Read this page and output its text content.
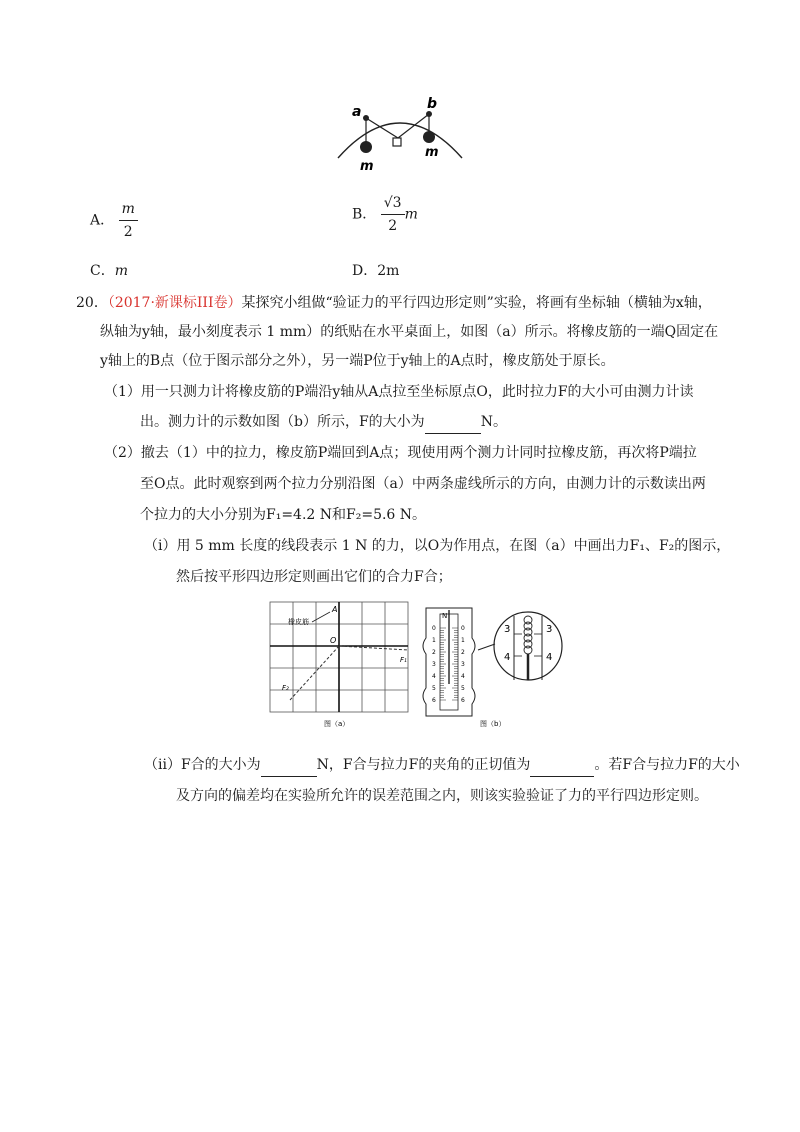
a	b
m
m
A． $\frac{m}{2}$	B． $\frac{√3}{2}$ m
C．m	D．2m
20．（2017·新课标III卷）某探究小组做“验证力的平行四边形定则”实验，将画有坐标轴（横轴为x轴，
纵轴为y轴，最小刻度表示 1 mm）的纸贴在水平桌面上，如图（a）所示。将橡皮筋的一端Q固定在
y轴上的B点（位于图示部分之外），另一端P位于y轴上的A点时，橡皮筋处于原长。
（1）用一只测力计将橡皮筋的P端沿y轴从A点拉至坐标原点O，此时拉力F的大小可由测力计读
出。测力计的示数如图（b）所示，F的大小为	N。
（2）撤去（1）中的拉力，橡皮筋P端回到A点；现使用两个测力计同时拉橡皮筋，再次将P端拉
至O点。此时观察到两个拉力分别沿图（a）中两条虚线所示的方向，由测力计的示数读出两
个拉力的大小分别为F₁=4.2 N和F₂=5.6 N。
（i）用 5 mm 长度的线段表示 1 N 的力，以O为作用点，在图（a）中画出力F₁、F₂的图示，
然后按平形四边形定则画出它们的合力F合；
A
橡皮筋
O
F₁
F₂
图（a）
N
0
1
2
3
4
5
6
0
1
2
3
4
5
6
3	3
4	4
图（b）
（ii）F合的大小为	N，F合与拉力F的夹角的正切值为	。若F合与拉力F的大小
及方向的偏差均在实验所允许的误差范围之内，则该实验验证了力的平行四边形定则。
